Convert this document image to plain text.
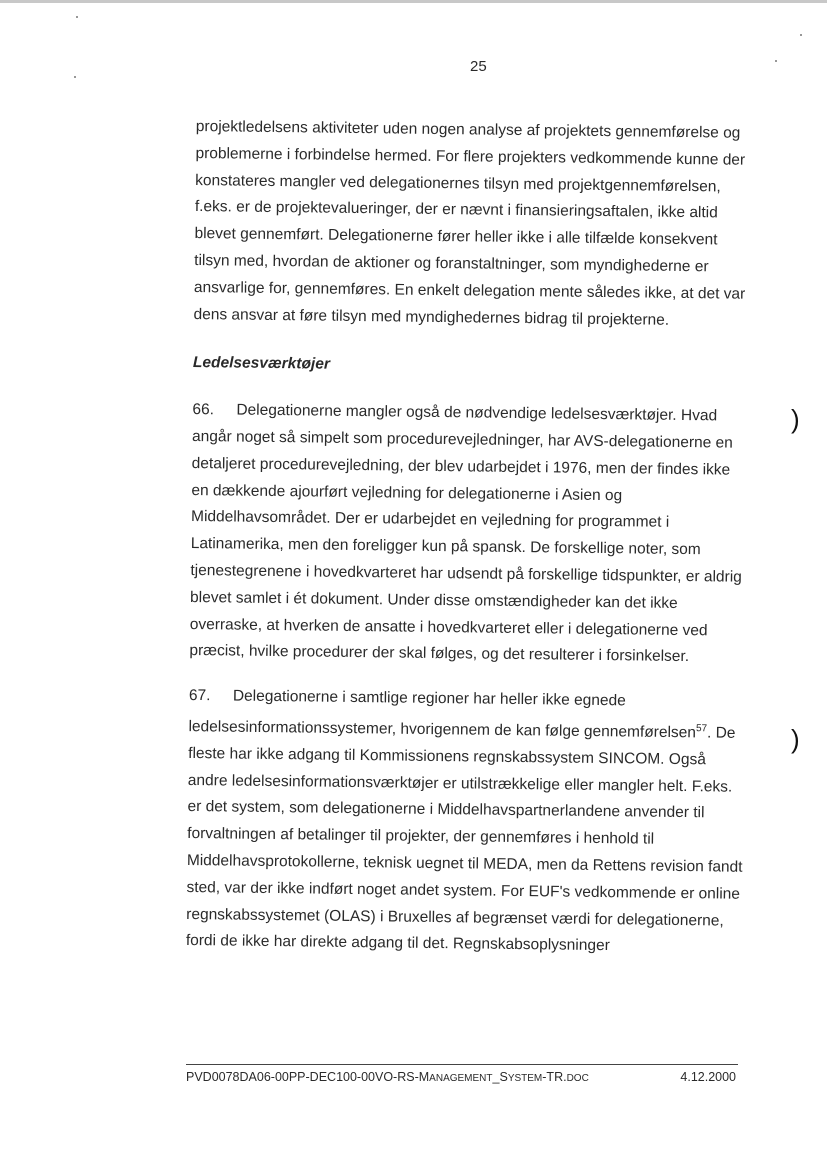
25

projektledelsens aktiviteter uden nogen analyse af projektets gennemførelse og problemerne i forbindelse hermed. For flere projekters vedkommende kunne der konstateres mangler ved delegationernes tilsyn med projektgennemførelsen, f.eks. er de projektevalueringer, der er nævnt i finansieringsaftalen, ikke altid blevet gennemført. Delegationerne fører heller ikke i alle tilfælde konsekvent tilsyn med, hvordan de aktioner og foranstaltninger, som myndighederne er ansvarlige for, gennemføres. En enkelt delegation mente således ikke, at det var dens ansvar at føre tilsyn med myndighedernes bidrag til projekterne.

Ledelsesværktøjer

66. Delegationerne mangler også de nødvendige ledelsesværktøjer. Hvad angår noget så simpelt som procedurevejledninger, har AVS-delegationerne en detaljeret procedurevejledning, der blev udarbejdet i 1976, men der findes ikke en dækkende ajourført vejledning for delegationerne i Asien og Middelhavsområdet. Der er udarbejdet en vejledning for programmet i Latinamerika, men den foreligger kun på spansk. De forskellige noter, som tjenestegrenene i hovedkvarteret har udsendt på forskellige tidspunkter, er aldrig blevet samlet i ét dokument. Under disse omstændigheder kan det ikke overraske, at hverken de ansatte i hovedkvarteret eller i delegationerne ved præcist, hvilke procedurer der skal følges, og det resulterer i forsinkelser.

67. Delegationerne i samtlige regioner har heller ikke egnede ledelsesinformationssystemer, hvorigennem de kan følge gennemførelsen$^{57}$. De fleste har ikke adgang til Kommissionens regnskabssystem SINCOM. Også andre ledelsesinformationsværktøjer er utilstrækkelige eller mangler helt. F.eks. er det system, som delegationerne i Middelhavspartnerlandene anvender til forvaltningen af betalinger til projekter, der gennemføres i henhold til Middelhavsprotokollerne, teknisk uegnet til MEDA, men da Rettens revision fandt sted, var der ikke indført noget andet system. For EUF's vedkommende er online regnskabssystemet (OLAS) i Bruxelles af begrænset værdi for delegationerne, fordi de ikke har direkte adgang til det. Regnskabsoplysninger

)
)
PVD0078DA06-00PP-DEC100-00VO-RS-MANAGEMENT_SYSTEM-TR.DOC	4.12.2000
